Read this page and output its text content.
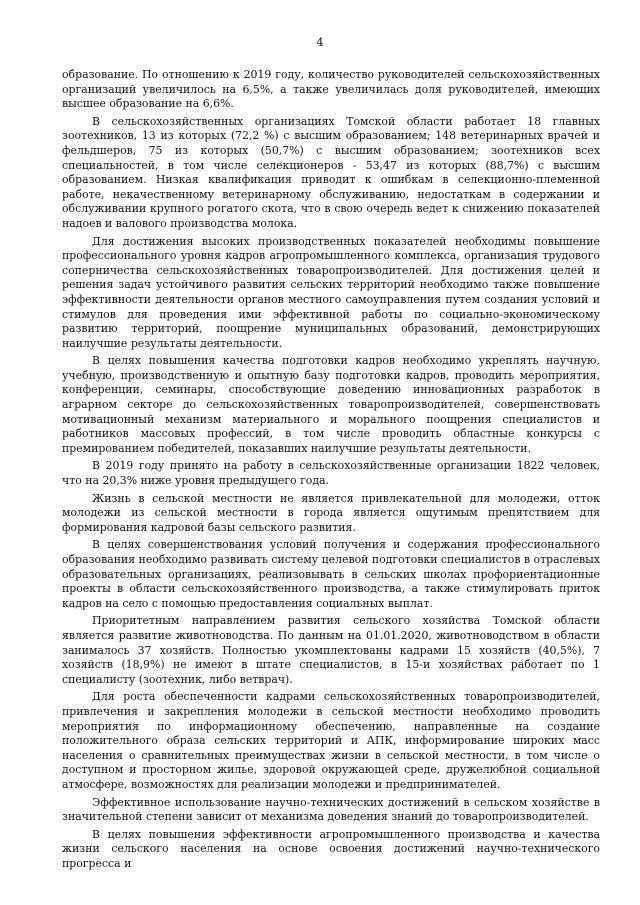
4

образование. По отношению к 2019 году, количество руководителей сельскохозяйственных организаций увеличилось на 6,5%, а также увеличилась доля руководителей, имеющих высшее образование на 6,6%.

В сельскохозяйственных организациях Томской области работает 18 главных зоотехников, 13 из которых (72,2 %) с высшим образованием; 148 ветеринарных врачей и фельдшеров, 75 из которых (50,7%) с высшим образованием; зоотехников всех специальностей, в том числе селекционеров - 53,47 из которых (88,7%) с высшим образованием. Низкая квалификация приводит к ошибкам в селекционно-племенной работе, некачественному ветеринарному обслуживанию, недостаткам в содержании и обслуживании крупного рогатого скота, что в свою очередь ведет к снижению показателей надоев и валового производства молока.

Для достижения высоких производственных показателей необходимы повышение профессионального уровня кадров агропромышленного комплекса, организация трудового соперничества сельскохозяйственных товаропроизводителей. Для достижения целей и решения задач устойчивого развития сельских территорий необходимо также повышение эффективности деятельности органов местного самоуправления путем создания условий и стимулов для проведения ими эффективной работы по социально-экономическому развитию территорий, поощрение муниципальных образований, демонстрирующих наилучшие результаты деятельности.

В целях повышения качества подготовки кадров необходимо укреплять научную, учебную, производственную и опытную базу подготовки кадров, проводить мероприятия, конференции, семинары, способствующие доведению инновационных разработок в аграрном секторе до сельскохозяйственных товаропроизводителей, совершенствовать мотивационный механизм материального и морального поощрения специалистов и работников массовых профессий, в том числе проводить областные конкурсы с премированием победителей, показавших наилучшие результаты деятельности.

В 2019 году принято на работу в сельскохозяйственные организации 1822 человек, что на 20,3% ниже уровня предыдущего года.

Жизнь в сельской местности не является привлекательной для молодежи, отток молодежи из сельской местности в города является ощутимым препятствием для формирования кадровой базы сельского развития.

В целях совершенствования условий получения и содержания профессионального образования необходимо развивать систему целевой подготовки специалистов в отраслевых образовательных организациях, реализовывать в сельских школах профориентационные проекты в области сельскохозяйственного производства, а также стимулировать приток кадров на село с помощью предоставления социальных выплат.

Приоритетным направлением развития сельского хозяйства Томской области является развитие животноводства. По данным на 01.01.2020, животноводством в области занималось 37 хозяйств. Полностью укомплектованы кадрами 15 хозяйств (40,5%), 7 хозяйств (18,9%) не имеют в штате специалистов, в 15-и хозяйствах работает по 1 специалисту (зоотехник, либо ветврач).

Для роста обеспеченности кадрами сельскохозяйственных товаропроизводителей, привлечения и закрепления молодежи в сельской местности необходимо проводить мероприятия по информационному обеспечению, направленные на создание положительного образа сельских территорий и АПК, информирование широких масс населения о сравнительных преимуществах жизни в сельской местности, в том числе о доступном и просторном жилье, здоровой окружающей среде, дружелюбной социальной атмосфере, возможностях для реализации молодежи и предпринимателей.

Эффективное использование научно-технических достижений в сельском хозяйстве в значительной степени зависит от механизма доведения знаний до товаропроизводителей.

В целях повышения эффективности агропромышленного производства и качества жизни сельского населения на основе освоения достижений научно-технического прогресса и
